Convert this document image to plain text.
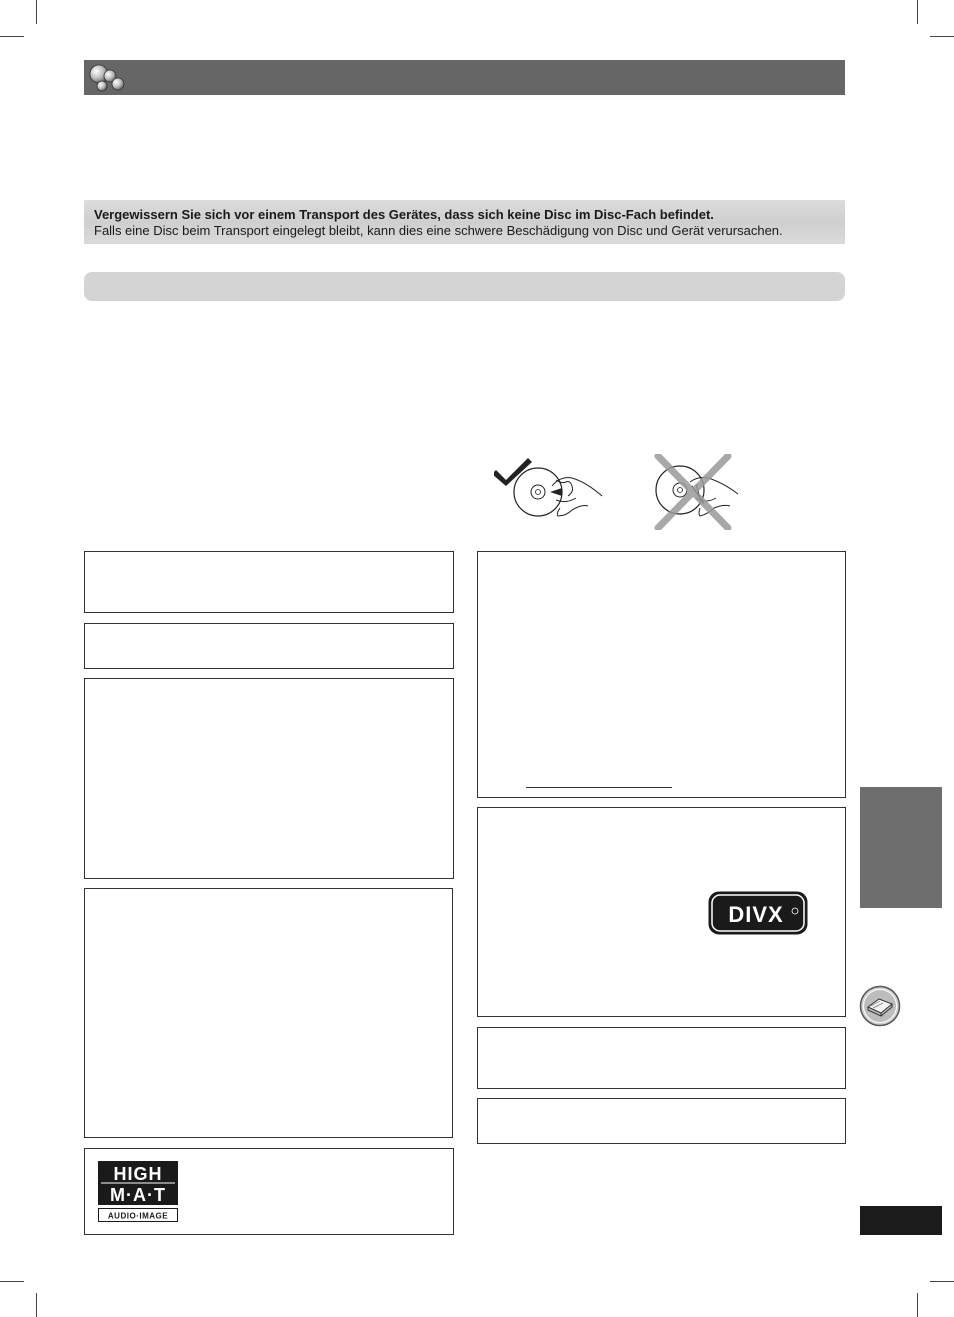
Vergewissern Sie sich vor einem Transport des Gerätes, dass sich keine Disc im Disc-Fach befindet.
Falls eine Disc beim Transport eingelegt bleibt, kann dies eine schwere Beschädigung von Disc und Gerät verursachen.
HIGH
M·A·T
AUDIO·IMAGE
DIVX
